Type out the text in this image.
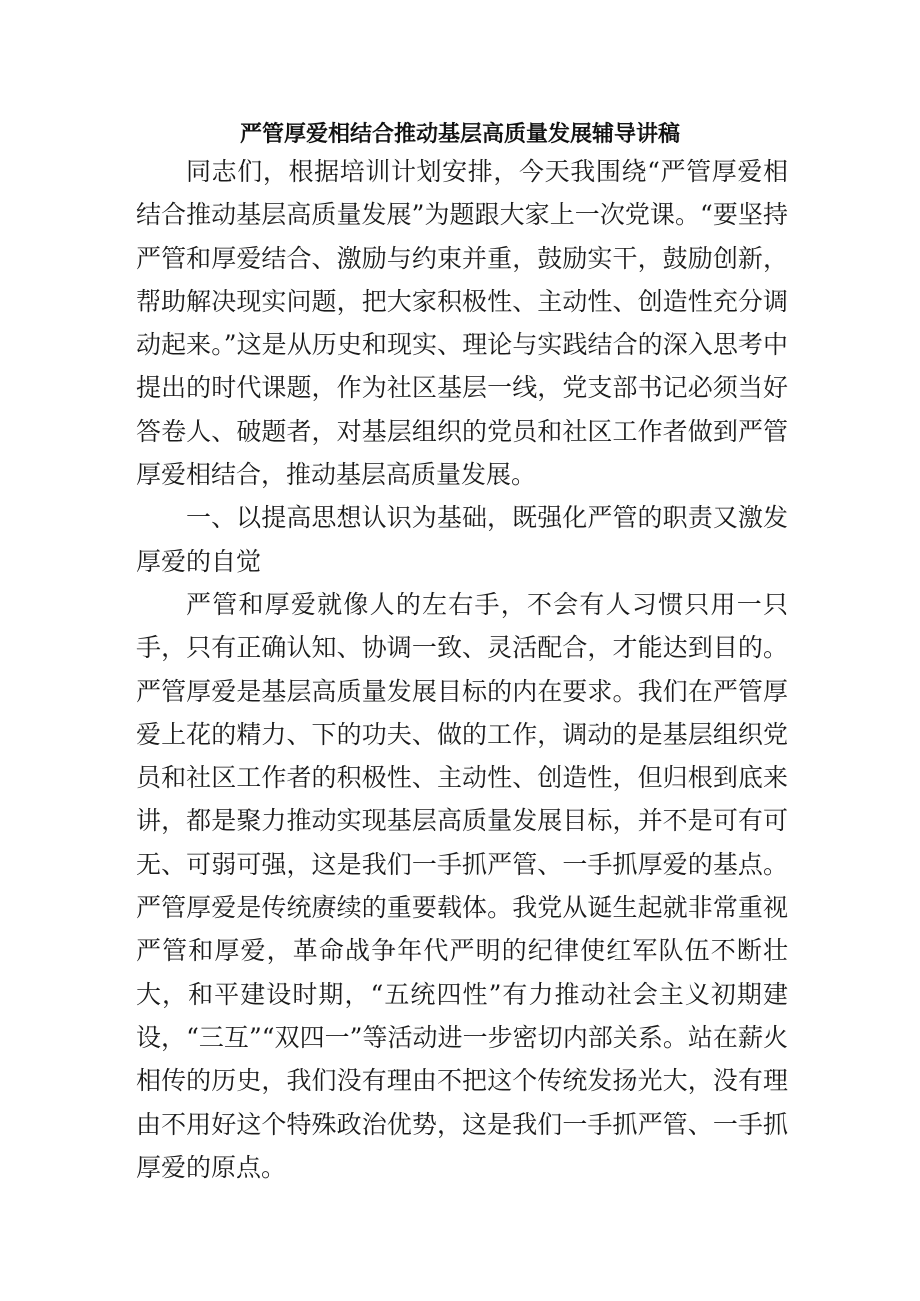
严管厚爱相结合推动基层高质量发展辅导讲稿

同志们，根据培训计划安排，今天我围绕“严管厚爱相结合推动基层高质量发展”为题跟大家上一次党课。“要坚持严管和厚爱结合、激励与约束并重，鼓励实干，鼓励创新，帮助解决现实问题，把大家积极性、主动性、创造性充分调动起来。”这是从历史和现实、理论与实践结合的深入思考中提出的时代课题，作为社区基层一线，党支部书记必须当好答卷人、破题者，对基层组织的党员和社区工作者做到严管厚爱相结合，推动基层高质量发展。

一、以提高思想认识为基础，既强化严管的职责又激发厚爱的自觉

严管和厚爱就像人的左右手，不会有人习惯只用一只手，只有正确认知、协调一致、灵活配合，才能达到目的。严管厚爱是基层高质量发展目标的内在要求。我们在严管厚爱上花的精力、下的功夫、做的工作，调动的是基层组织党员和社区工作者的积极性、主动性、创造性，但归根到底来讲，都是聚力推动实现基层高质量发展目标，并不是可有可无、可弱可强，这是我们一手抓严管、一手抓厚爱的基点。严管厚爱是传统赓续的重要载体。我党从诞生起就非常重视严管和厚爱，革命战争年代严明的纪律使红军队伍不断壮大，和平建设时期，“五统四性”有力推动社会主义初期建设，“三互”“双四一”等活动进一步密切内部关系。站在薪火相传的历史，我们没有理由不把这个传统发扬光大，没有理由不用好这个特殊政治优势，这是我们一手抓严管、一手抓厚爱的原点。
